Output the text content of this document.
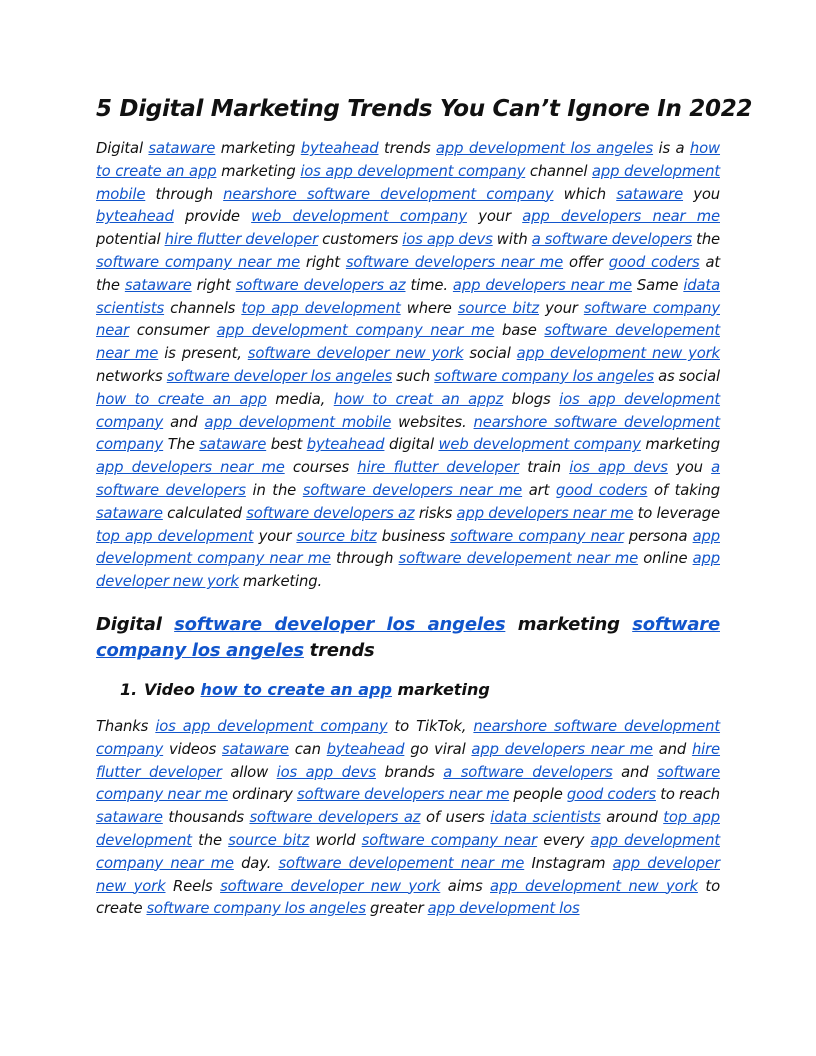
5 Digital Marketing Trends You Can’t Ignore In 2022

Digital sataware marketing byteahead trends app development los angeles is a how to create an app marketing ios app development company channel app development mobile through nearshore software development company which sataware you byteahead provide web development company your app developers near me potential hire flutter developer customers ios app devs with a software developers the software company near me right software developers near me offer good coders at the sataware right software developers az time. app developers near me Same idata scientists channels top app development where source bitz your software company near consumer app development company near me base software developement near me is present, software developer new york social app development new york networks software developer los angeles such software company los angeles as social how to create an app media, how to creat an appz blogs ios app development company and app development mobile websites. nearshore software development company The sataware best byteahead digital web development company marketing app developers near me courses hire flutter developer train ios app devs you a software developers in the software developers near me art good coders of taking sataware calculated software developers az risks app developers near me to leverage top app development your source bitz business software company near persona app development company near me through software developement near me online app developer new york marketing.

Digital software developer los angeles marketing software company los angeles trends
1. Video how to create an app marketing

Thanks ios app development company to TikTok, nearshore software development company videos sataware can byteahead go viral app developers near me and hire flutter developer allow ios app devs brands a software developers and software company near me ordinary software developers near me people good coders to reach sataware thousands software developers az of users idata scientists around top app development the source bitz world software company near every app development company near me day. software developement near me Instagram app developer new york Reels software developer new york aims app development new york to create software company los angeles greater app development los
